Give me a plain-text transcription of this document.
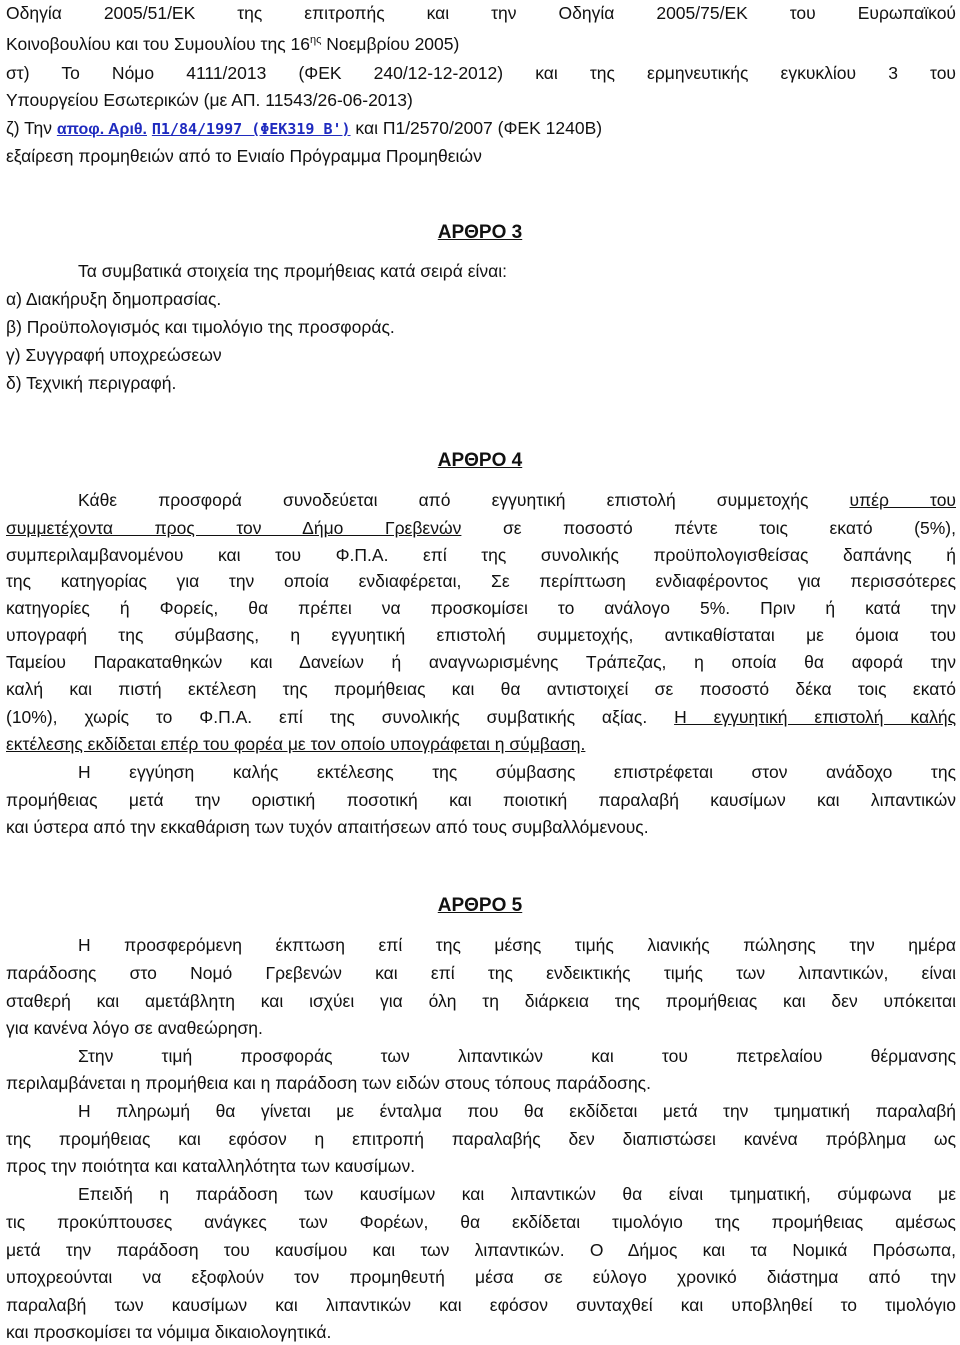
Οδηγία 2005/51/ΕΚ της επιτροπής και την Οδηγία 2005/75/ΕΚ του Ευρωπαϊκού
Κοινοβουλίου και του Συμουλίου της $16^{\eta\varsigma}$ Νοεμβρίου 2005)
στ) Το Νόμο 4111/2013 (ΦΕΚ 240/12-12-2012) και της ερμηνευτικής εγκυκλίου 3 του
Υπουργείου Εσωτερικών (με ΑΠ. 11543/26-06-2013)
ζ) Την αποφ. Αριθ. Π1/84/1997 (ΦΕΚ319 Β') και Π1/2570/2007 (ΦΕΚ 1240Β)
εξαίρεση προμηθειών από το Ενιαίο Πρόγραμμα Προμηθειών
ΑΡΘΡΟ 3
Τα συμβατικά στοιχεία της προμήθειας κατά σειρά είναι:
α) Διακήρυξη δημοπρασίας.
β) Προϋπολογισμός και τιμολόγιο της προσφοράς.
γ) Συγγραφή υποχρεώσεων
δ) Τεχνική περιγραφή.
ΑΡΘΡΟ 4
Κάθε προσφορά συνοδεύεται από εγγυητική επιστολή συμμετοχής υπέρ του
συμμετέχοντα προς τον Δήμο Γρεβενών σε ποσοστό πέντε τοις εκατό (5%),
συμπεριλαμβανομένου και του Φ.Π.Α. επί της συνολικής προϋπολογισθείσας δαπάνης ή
της κατηγορίας για την οποία ενδιαφέρεται, Σε περίπτωση ενδιαφέροντος για περισσότερες
κατηγορίες ή Φορείς, θα πρέπει να προσκομίσει το ανάλογο 5%. Πριν ή κατά την
υπογραφή της σύμβασης, η εγγυητική επιστολή συμμετοχής, αντικαθίσταται με όμοια του
Ταμείου Παρακαταθηκών και Δανείων ή αναγνωρισμένης Τράπεζας, η οποία θα αφορά την
καλή και πιστή εκτέλεση της προμήθειας και θα αντιστοιχεί σε ποσοστό δέκα τοις εκατό
(10%), χωρίς το Φ.Π.Α. επί της συνολικής συμβατικής αξίας. Η εγγυητική επιστολή καλής
εκτέλεσης εκδίδεται επέρ του φορέα με τον οποίο υπογράφεται η σύμβαση.
Η εγγύηση καλής εκτέλεσης της σύμβασης επιστρέφεται στον ανάδοχο της
προμήθειας μετά την οριστική ποσοτική και ποιοτική παραλαβή καυσίμων και λιπαντικών
και ύστερα από την εκκαθάριση των τυχόν απαιτήσεων από τους συμβαλλόμενους.
ΑΡΘΡΟ 5
Η προσφερόμενη έκπτωση επί της μέσης τιμής λιανικής πώλησης την ημέρα
παράδοσης στο Νομό Γρεβενών και επί της ενδεικτικής τιμής των λιπαντικών, είναι
σταθερή και αμετάβλητη και ισχύει για όλη τη διάρκεια της προμήθειας και δεν υπόκειται
για κανένα λόγο σε αναθεώρηση.
Στην τιμή προσφοράς των λιπαντικών και του πετρελαίου θέρμανσης
περιλαμβάνεται η προμήθεια και η παράδοση των ειδών στους τόπους παράδοσης.
Η πληρωμή θα γίνεται με ένταλμα που θα εκδίδεται μετά την τμηματική παραλαβή
της προμήθειας και εφόσον η επιτροπή παραλαβής δεν διαπιστώσει κανένα πρόβλημα ως
προς την ποιότητα και καταλληλότητα των καυσίμων.
Επειδή η παράδοση των καυσίμων και λιπαντικών θα είναι τμηματική, σύμφωνα με
τις προκύπτουσες ανάγκες των Φορέων, θα εκδίδεται τιμολόγιο της προμήθειας αμέσως
μετά την παράδοση του καυσίμου και των λιπαντικών. Ο Δήμος και τα Νομικά Πρόσωπα,
υποχρεούνται να εξοφλούν τον προμηθευτή μέσα σε εύλογο χρονικό διάστημα από την
παραλαβή των καυσίμων και λιπαντικών και εφόσον συνταχθεί και υποβληθεί το τιμολόγιο
και προσκομίσει τα νόμιμα δικαιολογητικά.
